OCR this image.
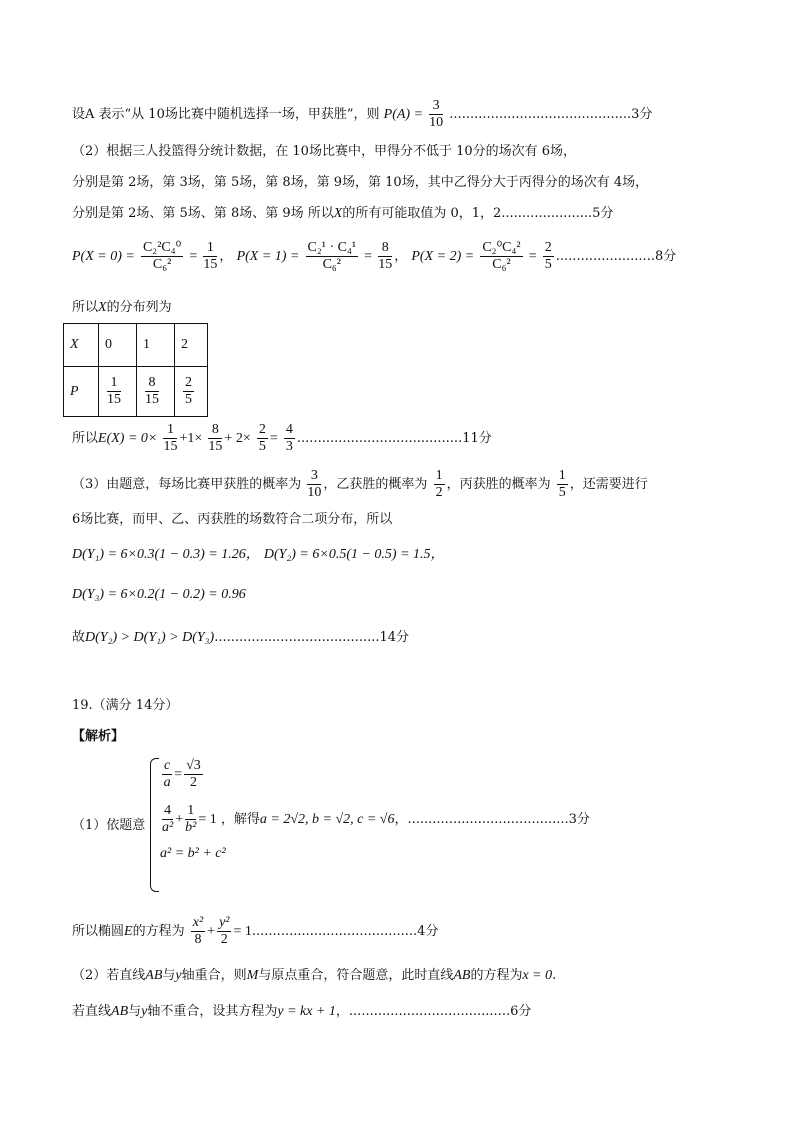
设A 表示“从 10场比赛中随机选择一场，甲获胜”，则 $P(A) = \frac{3}{10} ............................................3$分
（2）根据三人投篮得分统计数据，在 10场比赛中，甲得分不低于 10分的场次有 6场，
分别是第 2场，第 3场，第 5场，第 8场，第 9场，第 10场，其中乙得分大于丙得分的场次有 4场，
分别是第 2场、第 5场、第 8场、第 9场 所以X的所有可能取值为 0，1，2......................5分
$P(X = 0) = \frac{\text{C₂²C₄⁰}}{\text{C₆²}} = \frac{1}{15}$ ， $P(X = 1) = \frac{\text{C₂¹ · C₄¹}}{\text{C₆²}} = \frac{8}{15}$ ， $P(X = 2) = \frac{\text{C₂⁰C₄²}}{\text{C₆²}} = \frac{2}{5} ........................8$分
所以X的分布列为
X	0	1	2
P	$\frac{1}{15}$	$\frac{8}{15}$	$\frac{2}{5}$
所以$E(X) = 0\times \frac{1}{15} +1\times \frac{8}{15} + 2\times \frac{2}{5} = \frac{4}{3} ........................................11$分
（3）由题意，每场比赛甲获胜的概率为 $\frac{3}{10}$ ，乙获胜的概率为 $\frac{1}{2}$ ，丙获胜的概率为 $\frac{1}{5}$ ，还需要进行
6场比赛，而甲、乙、丙获胜的场数符合二项分布，所以
D(Y₁) = 6×0.3(1 − 0.3) = 1.26， D(Y₂) = 6×0.5(1 − 0.5) = 1.5，
D(Y₃) = 6×0.2(1 − 0.2) = 0.96
故D(Y₂) > D(Y₁) > D(Y₃)........................................14分
19.（满分 14分）
【解析】
（1）依题意
$\frac{c}{a} = \frac{√3}{2}$
$\frac{4}{\text{a²}} + \frac{1}{\text{b²}} = 1$ ，解得a = 2√2, b = √2, c = √6，.......................................3分
a² = b² + c²
所以椭圆E的方程为 $\frac{\text{x²}}{8} + \frac{\text{y²}}{2} = 1........................................4$分
（2）若直线AB与y轴重合，则M与原点重合，符合题意，此时直线AB的方程为x = 0.
若直线AB与y轴不重合，设其方程为y = kx + 1，.......................................6分
